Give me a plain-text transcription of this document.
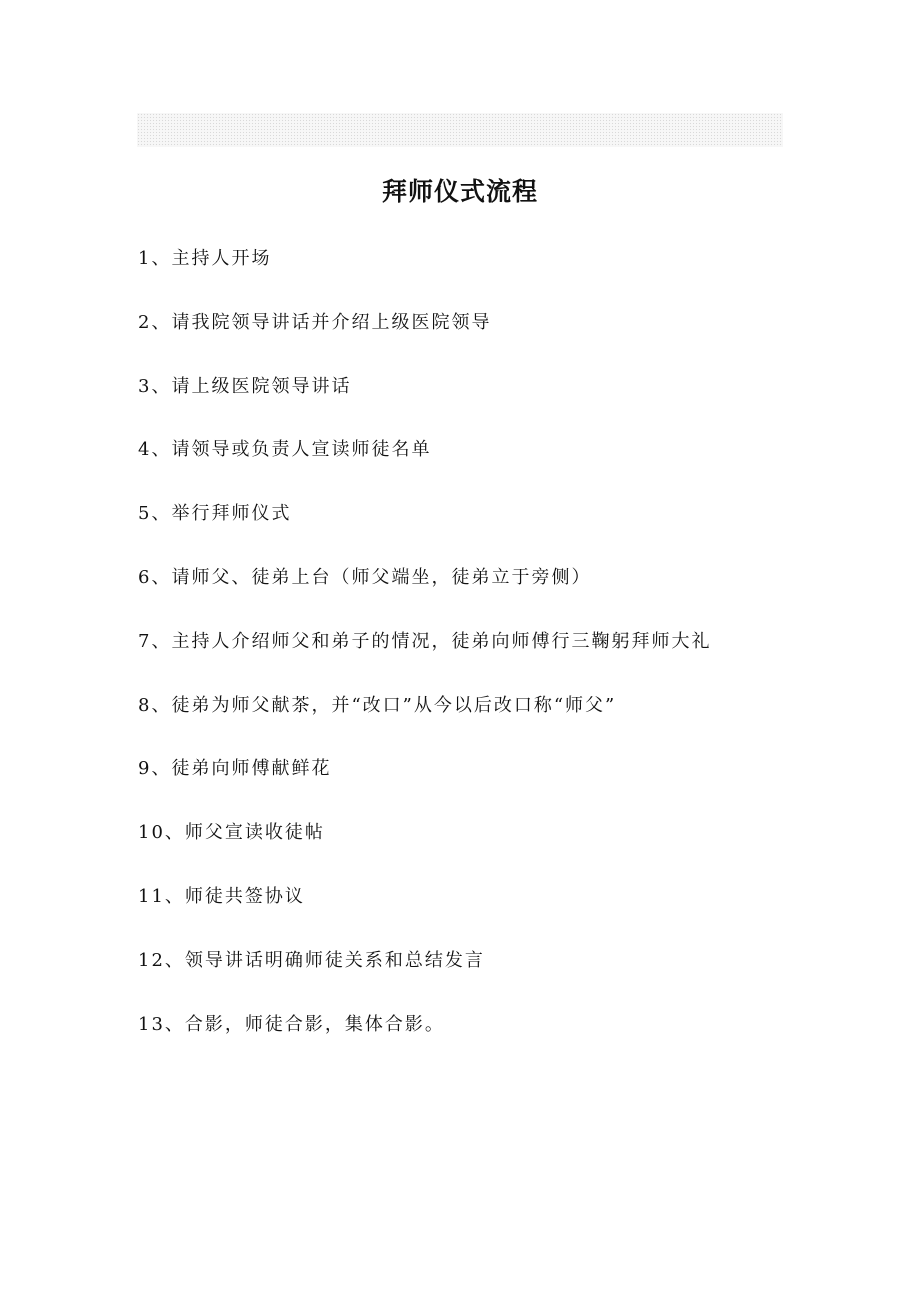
拜师仪式流程
1、主持人开场
2、请我院领导讲话并介绍上级医院领导
3、请上级医院领导讲话
4、请领导或负责人宣读师徒名单
5、举行拜师仪式
6、请师父、徒弟上台（师父端坐，徒弟立于旁侧）
7、主持人介绍师父和弟子的情况，徒弟向师傅行三鞠躬拜师大礼
8、徒弟为师父献茶，并“改口”从今以后改口称“师父”
9、徒弟向师傅献鲜花
10、师父宣读收徒帖
11、师徒共签协议
12、领导讲话明确师徒关系和总结发言
13、合影，师徒合影，集体合影。
